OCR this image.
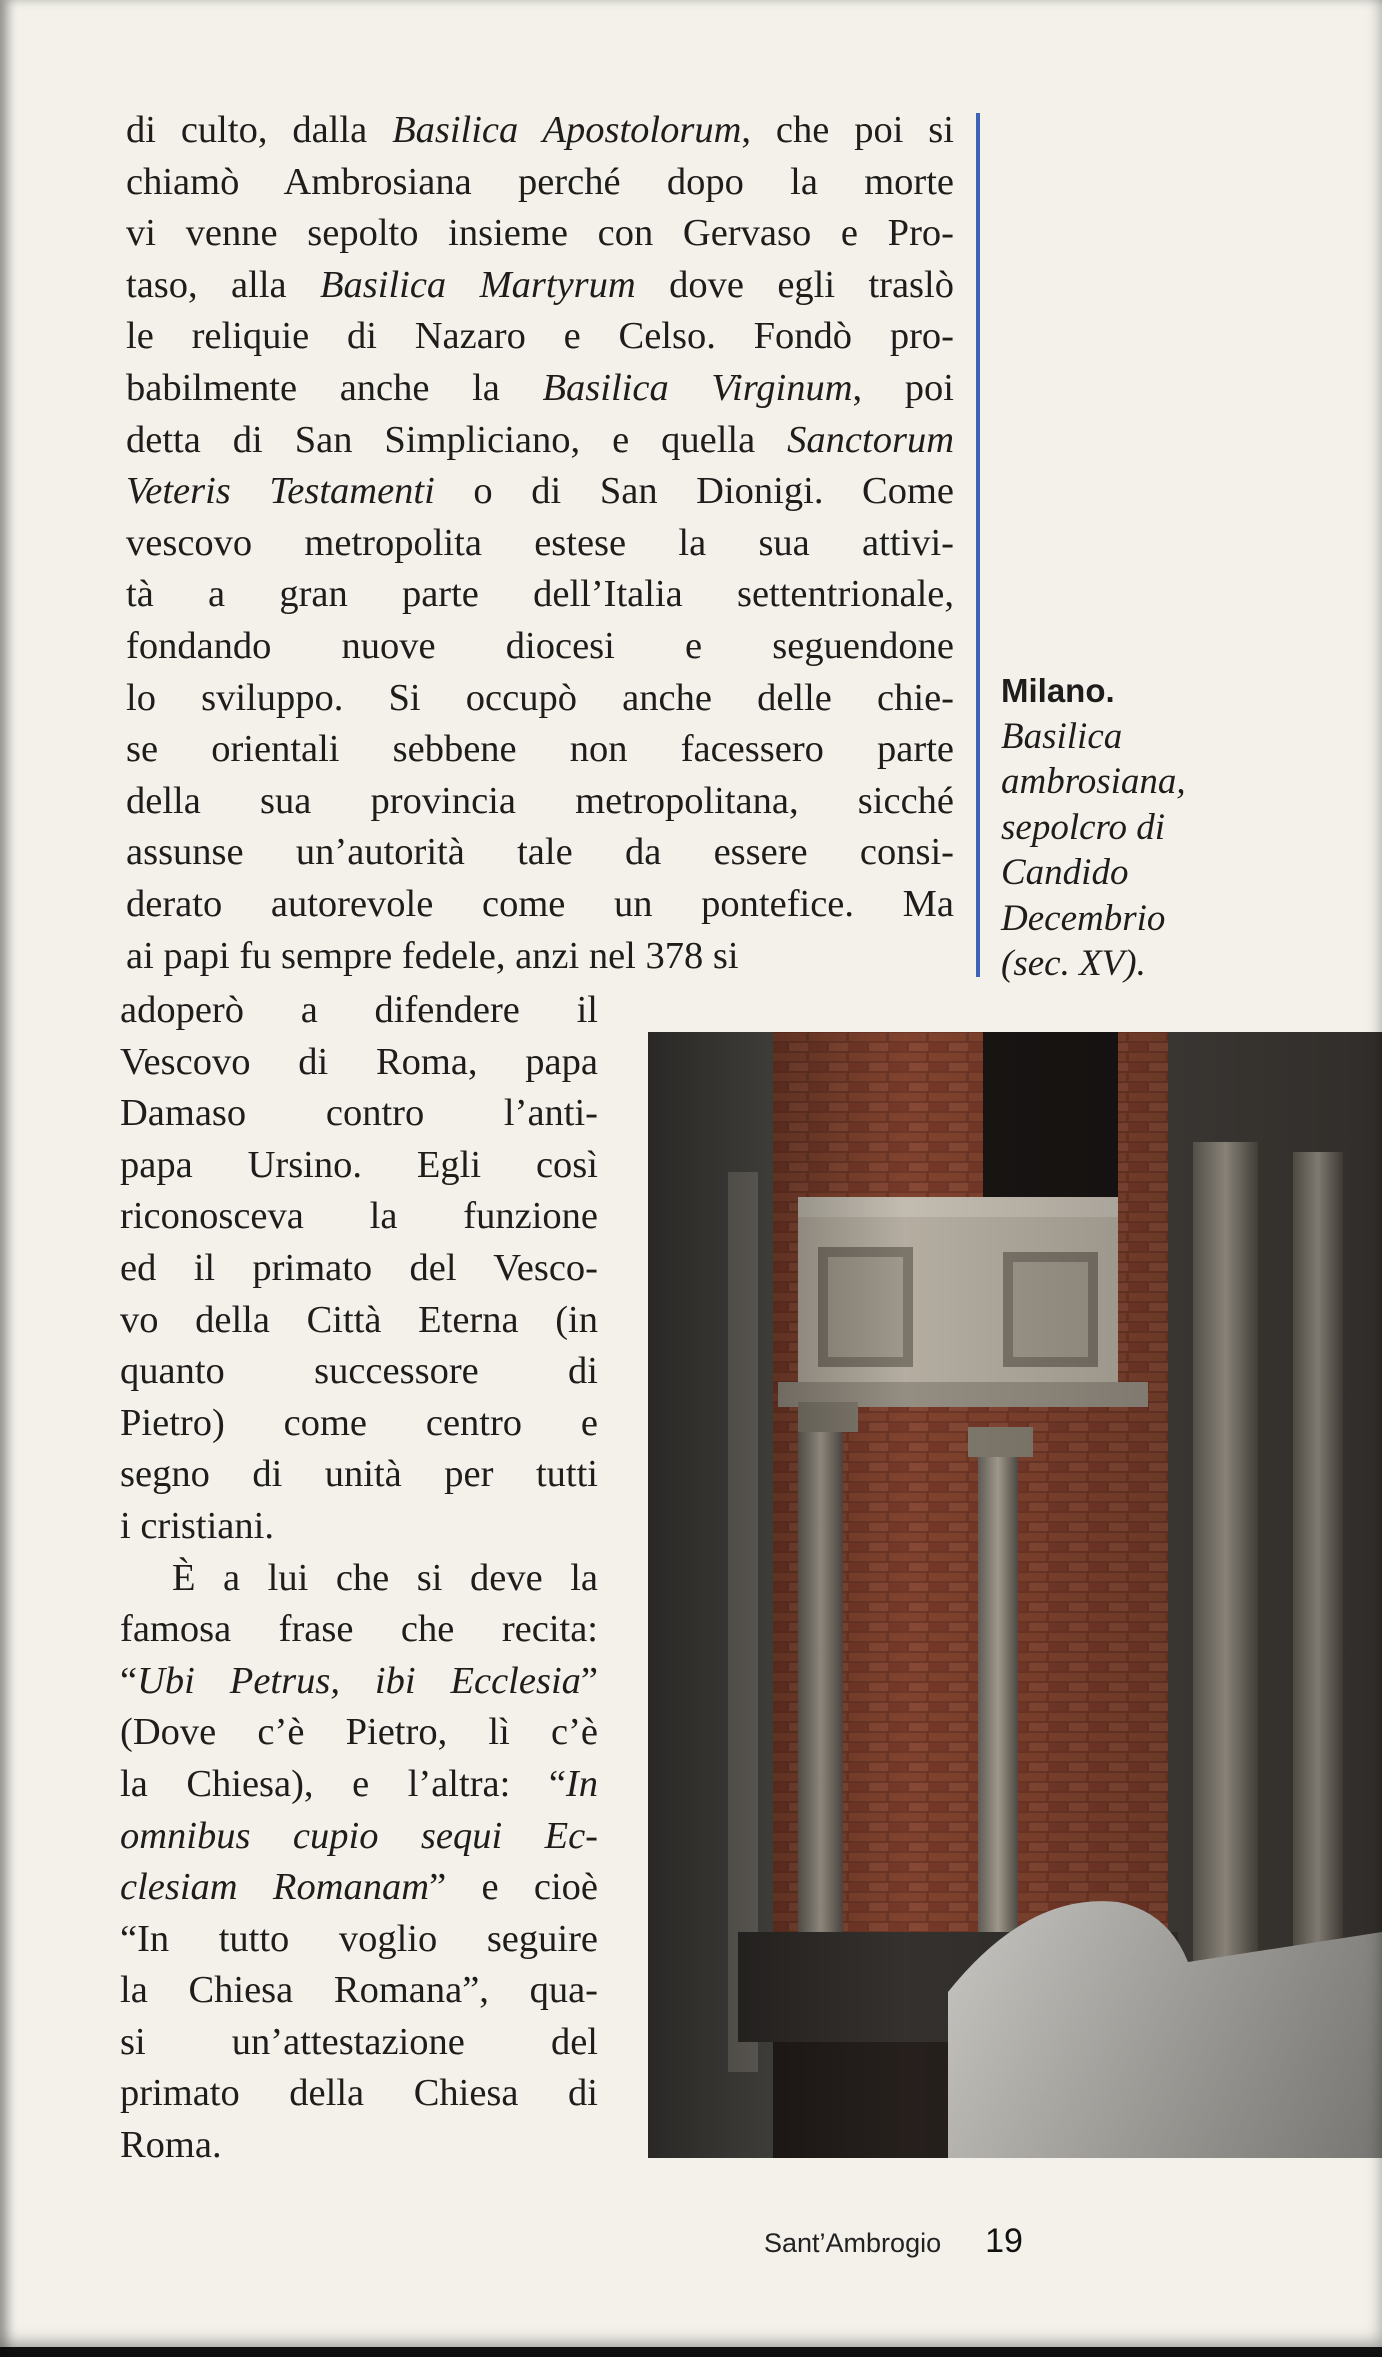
di culto, dalla Basilica Apostolorum, che poi si
chiamò Ambrosiana perché dopo la morte
vi venne sepolto insieme con Gervaso e Pro-
taso, alla Basilica Martyrum dove egli traslò
le reliquie di Nazaro e Celso. Fondò pro-
babilmente anche la Basilica Virginum, poi
detta di San Simpliciano, e quella Sanctorum
Veteris Testamenti o di San Dionigi. Come
vescovo metropolita estese la sua attivi-
tà a gran parte dell’Italia settentrionale,
fondando nuove diocesi e seguendone
lo sviluppo. Si occupò anche delle chie-
se orientali sebbene non facessero parte
della sua provincia metropolitana, sicché
assunse un’autorità tale da essere consi-
derato autorevole come un pontefice. Ma
ai papi fu sempre fedele, anzi nel 378 si
Milano.
Basilica
ambrosiana,
sepolcro di
Candido
Decembrio
(sec. XV).
adoperò a difendere il
Vescovo di Roma, papa
Damaso contro l’anti-
papa Ursino. Egli così
riconosceva la funzione
ed il primato del Vesco-
vo della Città Eterna (in
quanto successore di
Pietro) come centro e
segno di unità per tutti
i cristiani.
È a lui che si deve la
famosa frase che recita:
“Ubi Petrus, ibi Ecclesia”
(Dove c’è Pietro, lì c’è
la Chiesa), e l’altra: “In
omnibus cupio sequi Ec-
clesiam Romanam” e cioè
“In tutto voglio seguire
la Chiesa Romana”, qua-
si un’attestazione del
primato della Chiesa di
Roma.
Sant’Ambrogio 19
